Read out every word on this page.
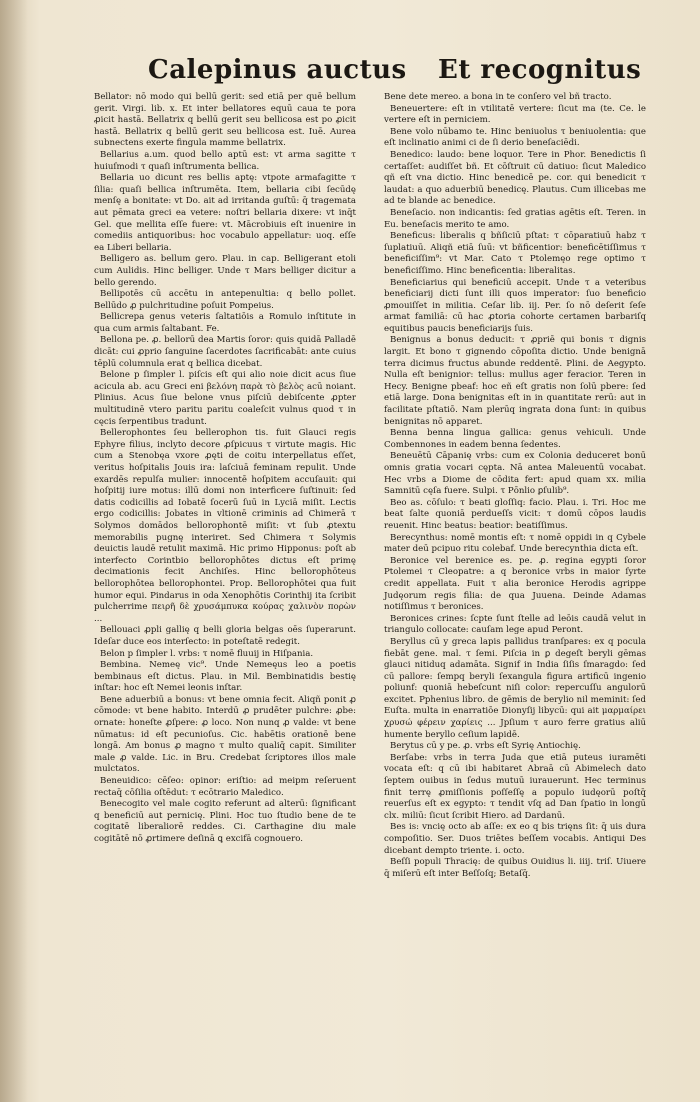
Calepinus auctus Et recognitus

Bellator: nō modo qui bellū gerit: sed etiā per quē bellum gerit. Virgi. lib. x. Et inter bellatores equū caua te pora ꝓicit hastā. Bellatrix q bellū gerit seu bellicosa est po ꝓicit hastā. Bellatrix q bellū gerit seu bellicosa est. Iuē. Aurea subnectens exerte fingula mamme bellatrix.

Bellarius a.um. quod bello aptū est: vt arma sagitte τ huiuſmodi τ quaſi inſtrumenta bellica.

Bellaria uo dicunt res bellis aptę: vtpote armafagitte τ ſilia: quaſi bellica inſtrumēta. Item, bellaria cibi ſecūdę menſę a bonitate: vt Do. ait ad irritanda guſtū: q̄ tragemata aut pēmata greci ea vetere: noſtri bellaria dixere: vt inq̄t Gel. que mellita eſſe fuere: vt. Mācrobiuis eſt inuenire in comediis antiquoribus: hoc vocabulo appellatur: uoq. eſſe ea Liberi bellaria.

Belligero as. bellum gero. Plau. in cap. Belligerant etoli cum Aulidis. Hinc belliger. Unde τ Mars belliger dicitur a bello gerendo.

Bellipotēs cū accētu in antepenultia: q bello pollet. Bellūdo ꝓ pulchritudine poſuit Pompeius.

Bellicrepa genus veteris ſaltatiōis a Romulo inſtitute in qua cum armis ſaltabant. Fe.

Bellona pe. ꝓ. bellorū dea Martis ſoror: quis quidā Palladē dicāt: cui ꝓprio ſanguine ſacerdotes ſacrificabāt: ante cuius tēplū columnula erat q bellica dicebat.

Belone p ſimpler l. piſcis eſt qui alio noie dicit acus ſiue acicula ab. acu Greci eni βελόνη παρὰ τὸ βελὸς acū noiant. Plinius. Acus ſiue belone vnus piſciū debiſcente ꝓpter multitudinē vtero paritu paritu coaleſcit vulnus quod τ in cęcis ſerpentibus tradunt.

Bellerophontes ſeu bellerophon tis. fuit Glauci regis Ephyre filius, inclyto decore ꝓſpicuus τ virtute magis. Hic cum a Stenobęa vxore ꝓęti de coitu interpellatus eſſet, veritus hoſpitalis Jouis ira: laſciuā feminam repulit. Unde exardēs repulſa mulier: innocentē hoſpitem accuſauit: qui hoſpitij iure motus: illū domi non interficere ſuſtinuit: ſed datis codicillis ad Iobatē ſocerū ſuū in Lyciā miſit. Lectis ergo codicillis: Jobates in vltionē criminis ad Chimerā τ Solymos domādos bellorophontē miſit: vt ſub ꝓtextu memorabilis pugnę interiret. Sed Chimera τ Solymis deuictis laudē retulit maximā. Hic primo Hipponus: poſt ab interfecto Corintbio bellorophōtes dictus eſt primę decimationis fecit Anchiſes. Hinc bellorophōteus bellorophōtea bellorophontei. Prop. Bellorophōtei qua fuit humor equi. Pindarus in oda Xenophōtis Corinthij ita ſcribit pulcherrime πειρῆ δὲ χρυσάμπυκα κούρας χαλινὸν πορὼν ...

Bellouaci ꝓpli gallię q belli gloria belgas oēs ſuperarunt. Ideſar duce eos interſecto: in poteſtatē redegit.

Belon p ſimpler l. vrbs: τ nomē fluuij in Hiſpania.

Bembina. Nemeę vic⁹. Unde Nemeęus leo a poetis bembinaus eſt dictus. Plau. in Mil. Bembinatidis bestię inſtar: hoc eſt Nemei leonis inſtar.

Bene aduerbiū a bonus: vt bene omnia fecit. Aliqñ ponit ꝓ cōmode: vt bene habito. Interdū ꝓ prudēter pulchre: ꝓbe: ornate: honeſte ꝓſpere: ꝓ loco. Non nunq ꝓ valde: vt bene nūmatus: id eſt pecunioſus. Cic. habētis orationē bene longā. Am bonus ꝓ magno τ multo qualiq̄ capit. Similiter male ꝓ valde. Lic. in Bru. Credebat ſcriptores illos male mulctatos.

Beneuidico: cēſeo: opinor: eriſtio: ad meipm reſeruent rectaq̄ cōſilia oſtēdut: τ ecōtrario Maledico.

Benecogito vel male cogito referunt ad alterū: ſignificant q beneficiū aut pernicię. Plini. Hoc tuo ſtudio bene de te cogitatē liberaliorē reddes. Ci. Carthagine diu male cogitātē nō ꝓrtimere deſinā ꝗ excifā cognouero.

Bene dete mereo. a bona in te conſero vel bñ tracto.

Beneuertere: eſt in vtilitatē vertere: ſicut ma (te. Ce. le vertere eſt in perniciem.

Bene volo nūbamo te. Hinc beniuolus τ beniuolentia: que eſt inclinatio animi ci de ſi derio beneſaciēdi.

Benedico: laudo: bene loquor. Tere in Phor. Benedictis ſi certaſſet: audiſſet bñ. Et cōſtruit cū datiuo: ſicut Maledico qñ eſt vna dictio. Hinc benedicē pe. cor. qui benedicit τ laudat: a quo aduerbiū benedicę. Plautus. Cum illicebas me ad te blande ac benedice.

Beneſacio. non indicantis: ſed gratias agētis eſt. Teren. in Eu. beneſacis merito te amo.

Beneficus: liberalis q bñſiciū pſtat: τ cōparatiuū habz τ ſuplatiuū. Aliqñ etiā ſuū: vt bñficentior: beneficētiſſimus τ beneficiſſim⁹: vt Mar. Cato τ Ptolemęo rege optimo τ beneficiſſimo. Hinc beneficentia: liberalitas.

Beneficiarius qui beneficiū accepit. Unde τ a veteribus beneficiarij dicti ſunt illi quos imperator: ſuo beneficio ꝓmouiſſet in militia. Ceſar lib. iij. Per. ſo nō deſerit ſeſe armat familiā: cū hac ꝓtoria cohorte certamen barbariſq equitibus paucis beneficiarijs ſuis.

Benignus a bonus deducit: τ ꝓpriē qui bonis τ dignis largit. Et bono τ gignendo cōpoſita dictio. Unde benignā terra dicimus fructus abunde reddentē. Plini. de Aegypto. Nulla eſt benignior: tellus: mullus ager feracior. Teren in Hecy. Benigne pbeaf: hoc eñ eſt gratis non ſolū pbere: ſed etiā large. Dona benignitas eſt in in quantitate rerū: aut in facilitate pſtatiō. Nam plerūq ingrata dona ſunt: in quibus benignitas nō apparet.

Benna benna lingua gallica: genus vehiculi. Unde Combennones in eadem benna ſedentes.

Beneuētū Cāpanię vrbs: cum ex Colonia deduceret bonū omnis gratia vocari cępta. Nā antea Maleuentū vocabat. Hec vrbs a Diome de cōdita fert: apud quam xx. milia Samnitū cęſa fuere. Sulpi. τ Pōnlio ꝑſulib⁹.

Beo as. cōſulo: τ beati gloſſiq: facio. Plau. i. Tri. Hoc me beat ſalte quoniā perdueſſs vicit: τ domū cōpos laudis reuenit. Hinc beatus: beatior: beatiſſimus.

Berecynthus: nomē montis eſt: τ nomē oppidi in q Cybele mater deū pcipuo ritu colebaf. Unde berecynthia dicta eſt.

Beronice vel berenice es. pe. ꝓ. regina egypti ſoror Ptolemei τ Cleopatre: a q beronice vrbs in maior ſyrte credit appellata. Fuit τ alia beronice Herodis agrippe Judęorum regis filia: de qua Juuena. Deinde Adamas notiſſimus τ beronices.

Beronices crines: ſcpte ſunt ſtelle ad leōis caudā velut in triangulo collocate: cauſam lege apud Peront.

Beryllus cū y greca lapis pallidus tranſpares: ex q pocula fiebāt gene. mal. τ ſemi. Piſcia in ꝑ degeſt beryli gēmas glauci nitiduq adamāta. Signif in India ſiſis ſmaragdo: ſed cū pallore: ſempq beryli ſexangula figura artificū ingenio poliunf: quoniā hebeſcunt niſi color: repercuſſu angulorū excitet. Pphenius libro. de gēmis de berylio nil meminit: ſed Euſta. multa in enarratiōe Dionyſij libycū: qui ait μαρμαίρει χρυσώ φέρειν χαρίεις ... Jpſium τ auro ferre gratius aliū humente beryllo ceſium lapidē.

Berytus cū y pe. ꝓ. vrbs eſt Syrię Antiochię.

Berſabe: vrbs in terra Juda que etiā puteus iuramēti vocata eſt: q cū ibi habitaret Abraā cū Abimelech dato ſeptem ouibus in ſedus mutuū iurauerunt. Hec terminus finit terrę ꝓmiſſionis poſſeſſę a populo iudęorū poſtq̄ reuerſus eſt ex egypto: τ tendit vſq ad Dan ſpatio in longū clx. miliū: ſicut ſcribit Hiero. ad Dardanū.

Bes is: vncię octo ab aſſe: ex eo q bis trięns ſit: q̄ uis dura compoſitio. Ser. Duos triētes beſſem vocabis. Antiqui Des dicebant dempto triente. i. octo.

Beſſi populi Thracię: de quibus Ouidius li. iiij. triſ. Uiuere q̄ miſerū eſt inter Beſſoſq; Betaſq̄.
